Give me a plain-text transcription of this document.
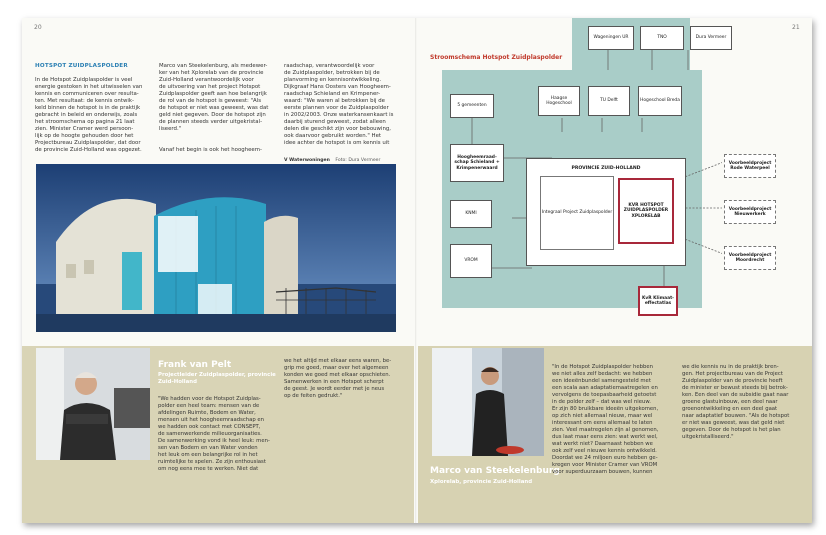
20

HOTSPOT ZUIDPLASPOLDER

In de Hotspot Zuidplaspolder is veel
energie gestoken in het uitwisselen van
kennis en communiceren over resulta-
ten. Met resultaat: de kennis ontwik-
keld binnen de hotspot is in de praktijk
gebracht in beleid en onderwijs, zoals
het stroomschema op pagina 21 laat
zien. Minister Cramer werd persoon-
lijk op de hoogte gehouden door het
Projectbureau Zuidplaspolder, dat door
de provincie Zuid-Holland was opgezet.

Marco van Steekelenburg, als medewer-
ker van het Xplorelab van de provincie
Zuid-Holland verantwoordelijk voor
de uitvoering van het project Hotspot
Zuidplaspolder geeft aan hoe belangrijk
de rol van de hotspot is geweest: "Als
de hotspot er niet was geweest, was dat
geld niet gegeven. Door de hotspot zijn
de plannen steeds verder uitgekristal-
liseerd."

Vanaf het begin is ook het hoogheem-

raadschap, verantwoordelijk voor
de Zuidplaspolder, betrokken bij de
planvorming en kennisontwikkeling.
Dijkgraaf Hans Oosters van Hoogheem-
raadschap Schieland en Krimpener-
waard: "We waren al betrokken bij de
eerste plannen voor de Zuidplaspolder
in 2002/2003. Onze waterkansenkaart is
daarbij sturend geweest, zodat alleen
delen die geschikt zijn voor bebouwing,
ook daarvoor gebruikt worden." Het
idee achter de hotspot is om kennis uit

V Waterwoningen Foto: Dura Vermeer
21
Stroomschema Hotspot Zuidplaspolder
Wageningen UR	TNO	Dura Vermeer
5 gemeenten
Haagse Hogeschool
TU Delft	Hogeschool Breda
Hoogheemraad-schap Schieland + Krimpenerwaard	PROVINCIE ZUID-HOLLAND
Integraal Project Zuidplaspolder
KVR HOTSPOT ZUIDPLASPOLDER XPLORELAB
KNMI
VROM
KvR Klimaat-effectatlas
Voorbeeldproject Rode Waterpeel
Voorbeeldproject Nieuwerkerk
Voorbeeldproject Moordrecht
Frank van Pelt
Projectleider Zuidplaspolder, provincie Zuid-Holland
"We hadden voor de Hotspot Zuidplas-
polder een heel team: mensen van de
afdelingen Ruimte, Bodem en Water,
mensen uit het hoogheemraadschap en
we hadden ook contact met CONSEPT,
de samenwerkende milieuorganisaties.
De samenwerking vond ik heel leuk: men-
sen van Bodem en van Water vonden
het leuk om een belangrijke rol in het
ruimtelijke te spelen. Ze zijn enthousiast
om nog eens mee te werken. Niet dat
we het altijd met elkaar eens waren, be-
grip me goed, maar over het algemeen
konden we goed met elkaar opschieten.
Samenwerken in een Hotspot scherpt
de geest. Je wordt eerder met je neus
op de feiten gedrukt."
Marco van Steekelenburg
Xplorelab, provincie Zuid-Holland
"In de Hotspot Zuidplaspolder hebben
we niet alles zelf bedacht: we hebben
een ideeënbundel samengesteld met
een scala aan adaptatiemaatregelen en
vervolgens de toepasbaarheid getoetst
in de polder zelf – dat was wel nieuw.
Er zijn 80 bruikbare ideeën uitgekomen,
op zich niet allemaal nieuw, maar wel
interessant om eens allemaal te laten
zien. Veel maatregelen zijn al genomen,
dus laat maar eens zien: wat werkt wel,
wat werkt niet? Daarnaast hebben we
ook zelf veel nieuwe kennis ontwikkeld.
Doordat we 24 miljoen euro hebben ge-
kregen voor Minister Cramer van VROM
voor superduurzaam bouwen, kunnen
we die kennis nu in de praktijk bren-
gen. Het projectbureau van de Project
Zuidplaspolder van de provincie heeft
de minister er bewust steeds bij betrok-
ken. Een deel van de subsidie gaat naar
groene glastuinbouw, een deel naar
groenontwikkeling en een deel gaat
naar adaptatief bouwen. "Als de hotspot
er niet was geweest, was dat geld niet
gegeven. Door de hotspot is het plan
uitgekristalliseerd."
